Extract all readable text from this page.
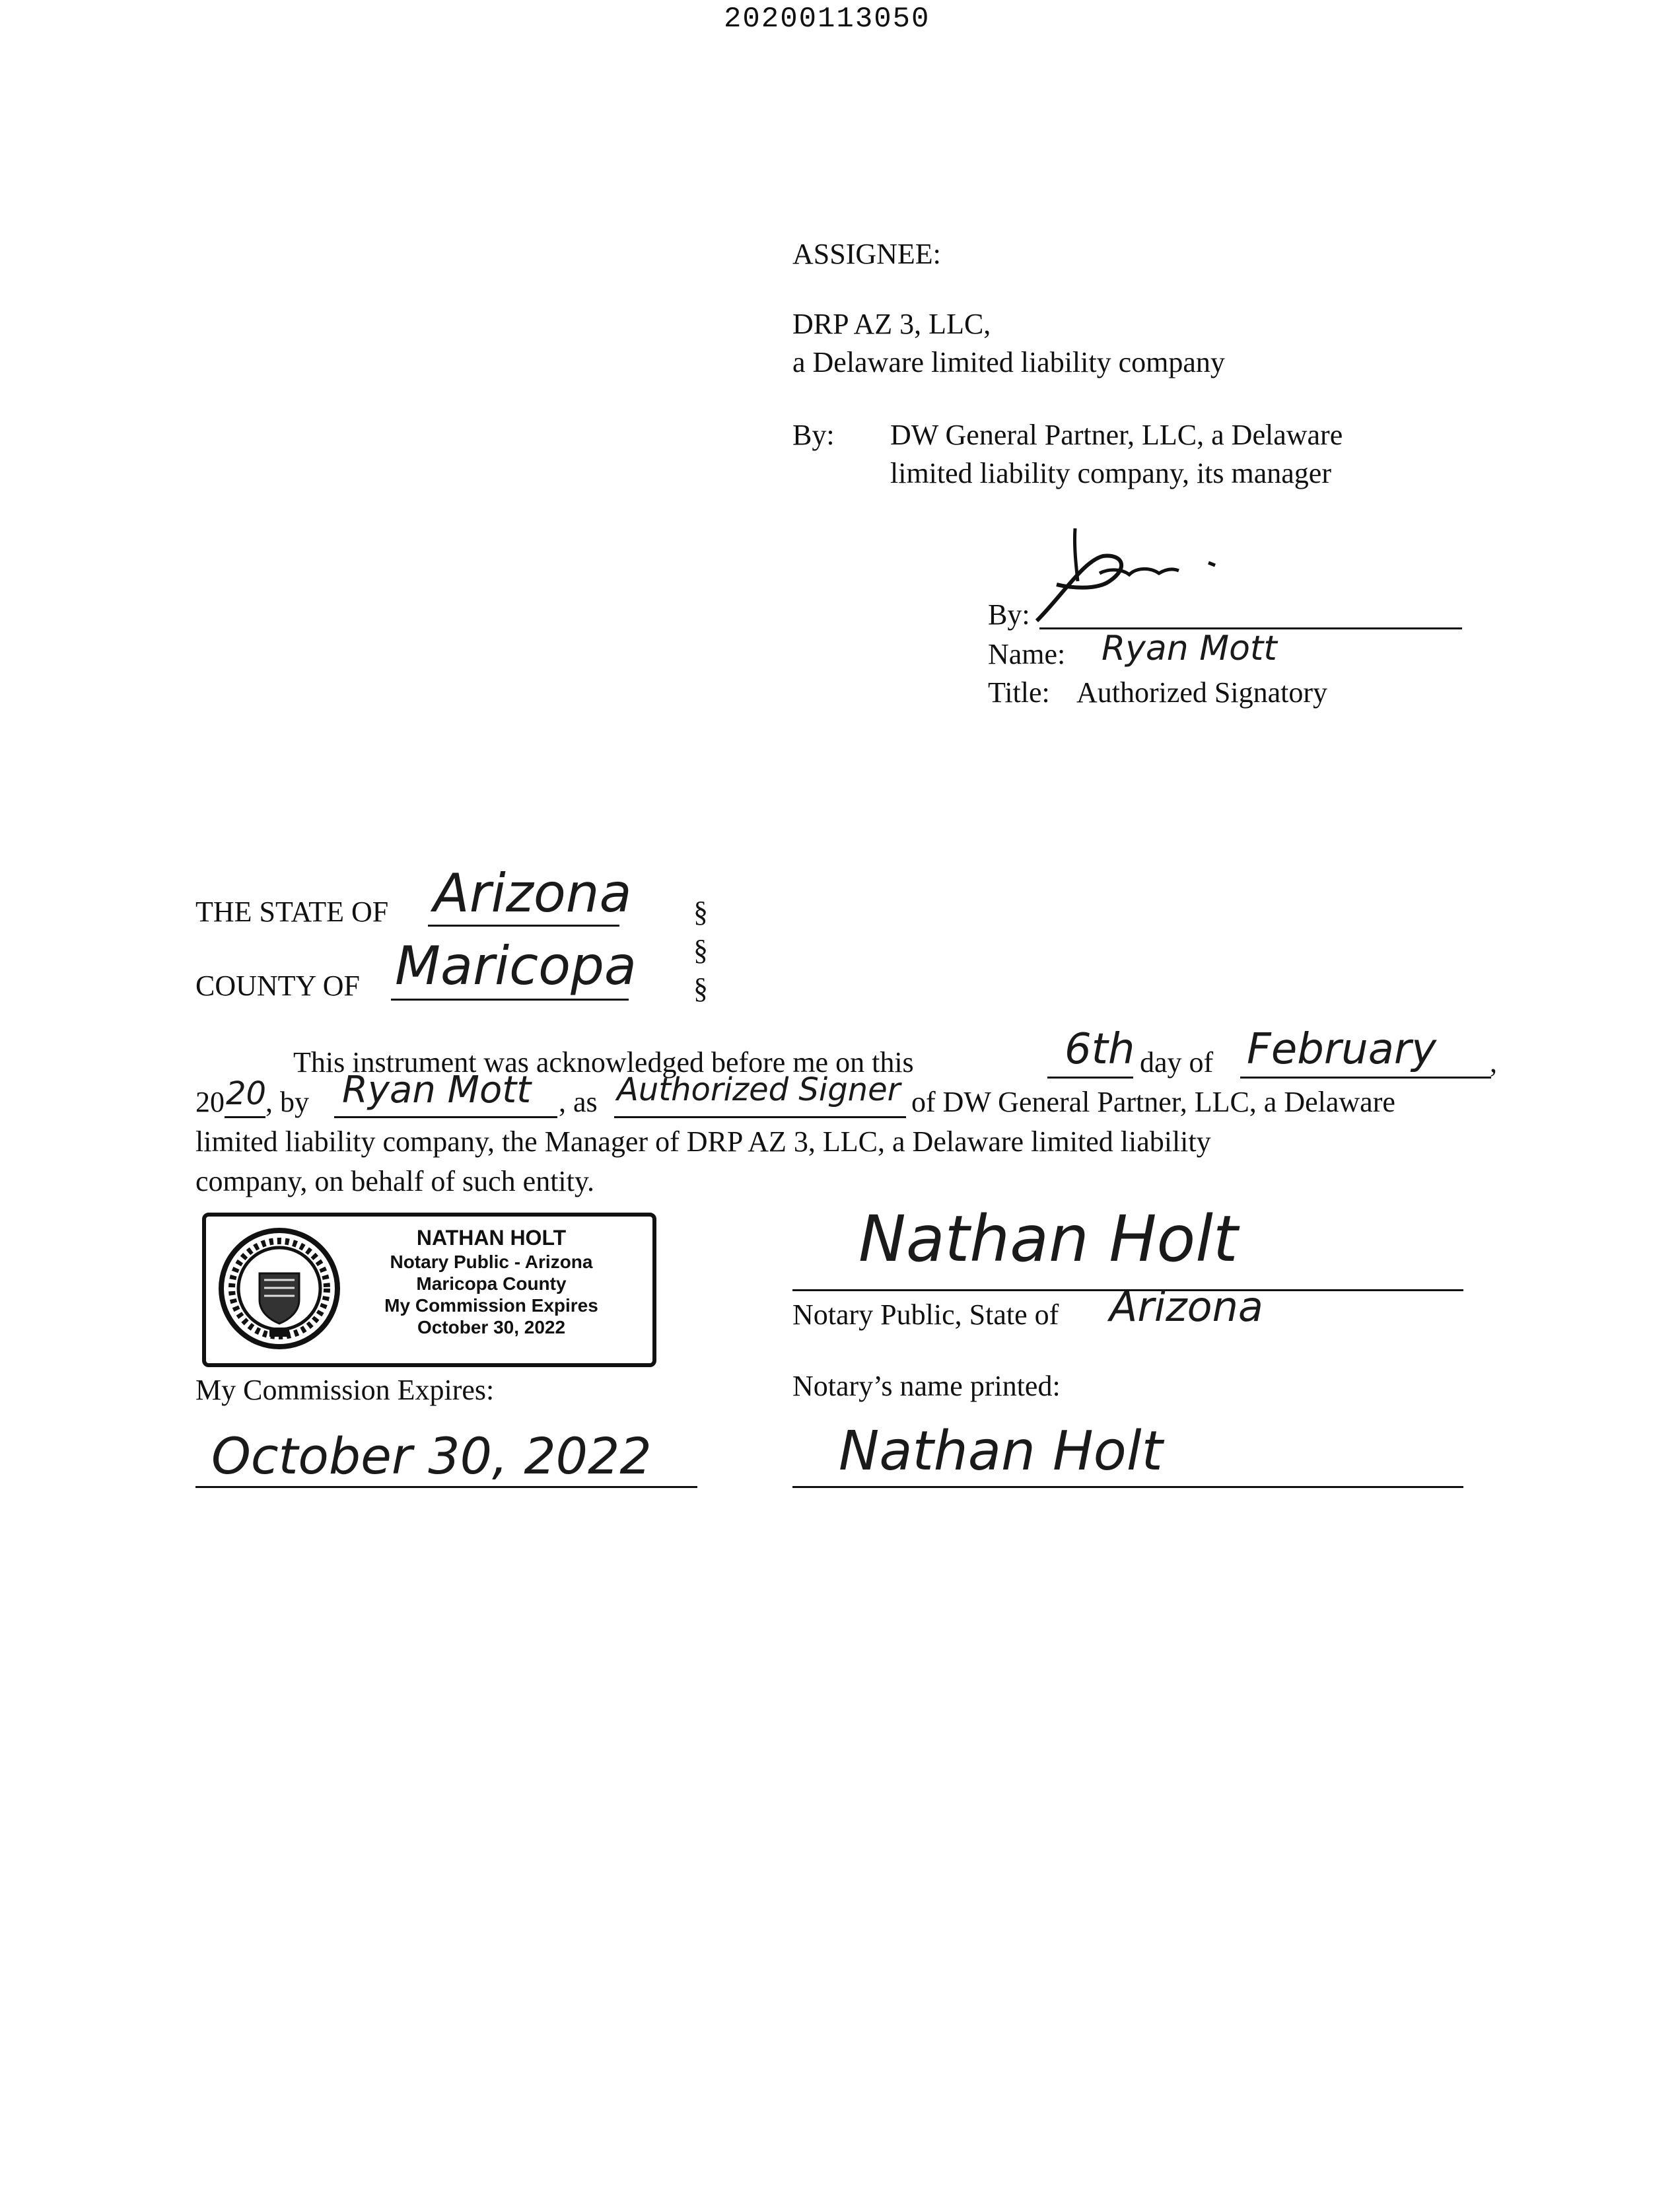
20200113050
ASSIGNEE:
DRP AZ 3, LLC,
a Delaware limited liability company
By: DW General Partner, LLC, a Delaware
limited liability company, its manager
By:
Name: Ryan Mott
Title: Authorized Signatory
THE STATE OF Arizona §
§
§
COUNTY OF Maricopa
This instrument was acknowledged before me on this	6th day of February ,
20 20
, by Ryan Mott , as Authorized Signer of DW General Partner, LLC, a Delaware
limited liability company, the Manager of DRP AZ 3, LLC, a Delaware limited liability
company, on behalf of such entity.
NATHAN HOLT
Notary Public - Arizona
Maricopa County
My Commission Expires
October 30, 2022
Nathan Holt
Notary Public, State of Arizona
My Commission Expires:	Notary’s name printed:
October 30, 2022	Nathan Holt
